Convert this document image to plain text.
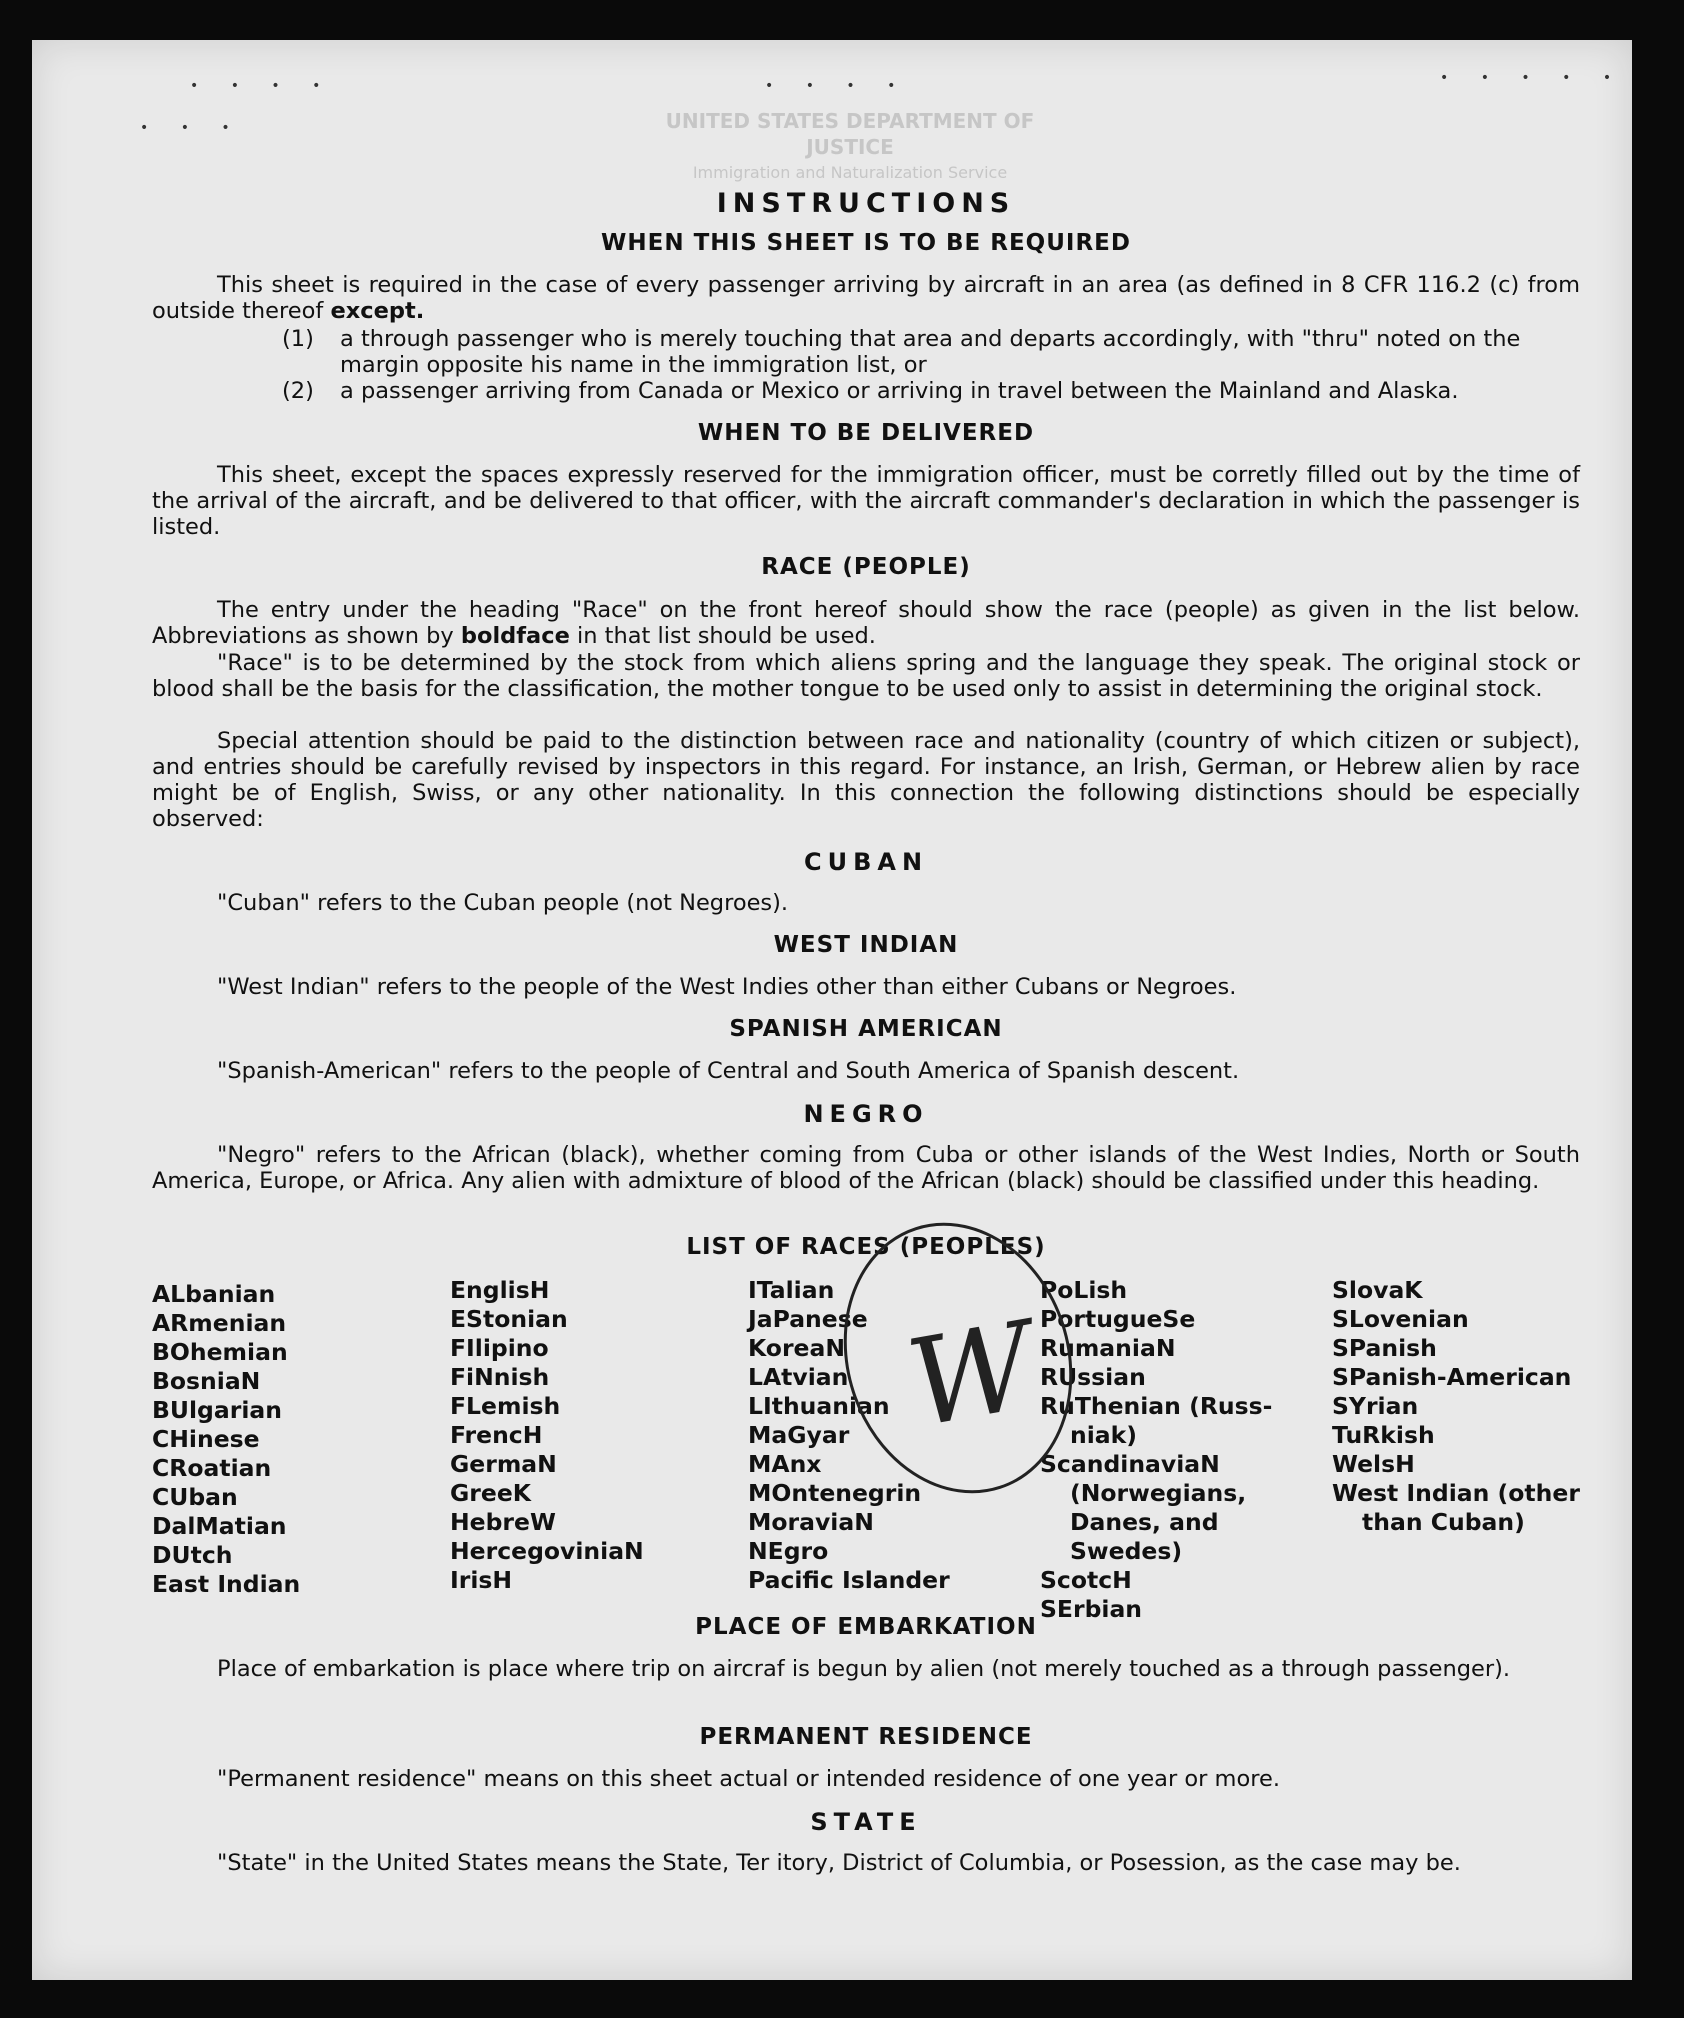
UNITED STATES DEPARTMENT OF JUSTICE
Immigration and Naturalization Service
• • • •	• • • •	• • • • •
• • •
INSTRUCTIONS
WHEN THIS SHEET IS TO BE REQUIRED
This sheet is required in the case of every passenger arriving by aircraft in an area (as defined in 8 CFR 116.2 (c) from outside thereof except.
(1) a through passenger who is merely touching that area and departs accordingly, with "thru" noted on the margin opposite his name in the immigration list, or
(2) a passenger arriving from Canada or Mexico or arriving in travel between the Mainland and Alaska.
WHEN TO BE DELIVERED
This sheet, except the spaces expressly reserved for the immigration officer, must be corretly filled out by the time of the arrival of the aircraft, and be delivered to that officer, with the aircraft commander's declaration in which the passenger is listed.
RACE (PEOPLE)
The entry under the heading "Race" on the front hereof should show the race (people) as given in the list below. Abbreviations as shown by boldface in that list should be used.
"Race" is to be determined by the stock from which aliens spring and the language they speak. The original stock or blood shall be the basis for the classification, the mother tongue to be used only to assist in determining the original stock.
Special attention should be paid to the distinction between race and nationality (country of which citizen or subject), and entries should be carefully revised by inspectors in this regard. For instance, an Irish, German, or Hebrew alien by race might be of English, Swiss, or any other nationality. In this connection the following distinctions should be especially observed:
CUBAN
"Cuban" refers to the Cuban people (not Negroes).
WEST INDIAN
"West Indian" refers to the people of the West Indies other than either Cubans or Negroes.
SPANISH AMERICAN
"Spanish-American" refers to the people of Central and South America of Spanish descent.
NEGRO
"Negro" refers to the African (black), whether coming from Cuba or other islands of the West Indies, North or South America, Europe, or Africa. Any alien with admixture of blood of the African (black) should be classified under this heading.
LIST OF RACES (PEOPLES)
ALbanian
ARmenian
BOhemian
BosniaN
BUlgarian
CHinese
CRoatian
CUban
DalMatian
DUtch
East Indian
EnglisH
EStonian
FIlipino
FiNnish
FLemish
FrencH
GermaN
GreeK
HebreW
HercegoviniaN
IrisH
ITalian
JaPanese
KoreaN
LAtvian
LIthuanian
MaGyar
MAnx
MOntenegrin
MoraviaN
NEgro
Pacific Islander
PoLish
PortugueSe
RumaniaN
RUssian
RuThenian (Russ-
niak)
ScandinaviaN
(Norwegians,
Danes, and
Swedes)
ScotcH
SErbian
SlovaK
SLovenian
SPanish
SPanish-American
SYrian
TuRkish
WelsH
West Indian (other
than Cuban)
W
PLACE OF EMBARKATION
Place of embarkation is place where trip on aircraf is begun by alien (not merely touched as a through passenger).
PERMANENT RESIDENCE
"Permanent residence" means on this sheet actual or intended residence of one year or more.
STATE
"State" in the United States means the State, Ter itory, District of Columbia, or Posession, as the case may be.
